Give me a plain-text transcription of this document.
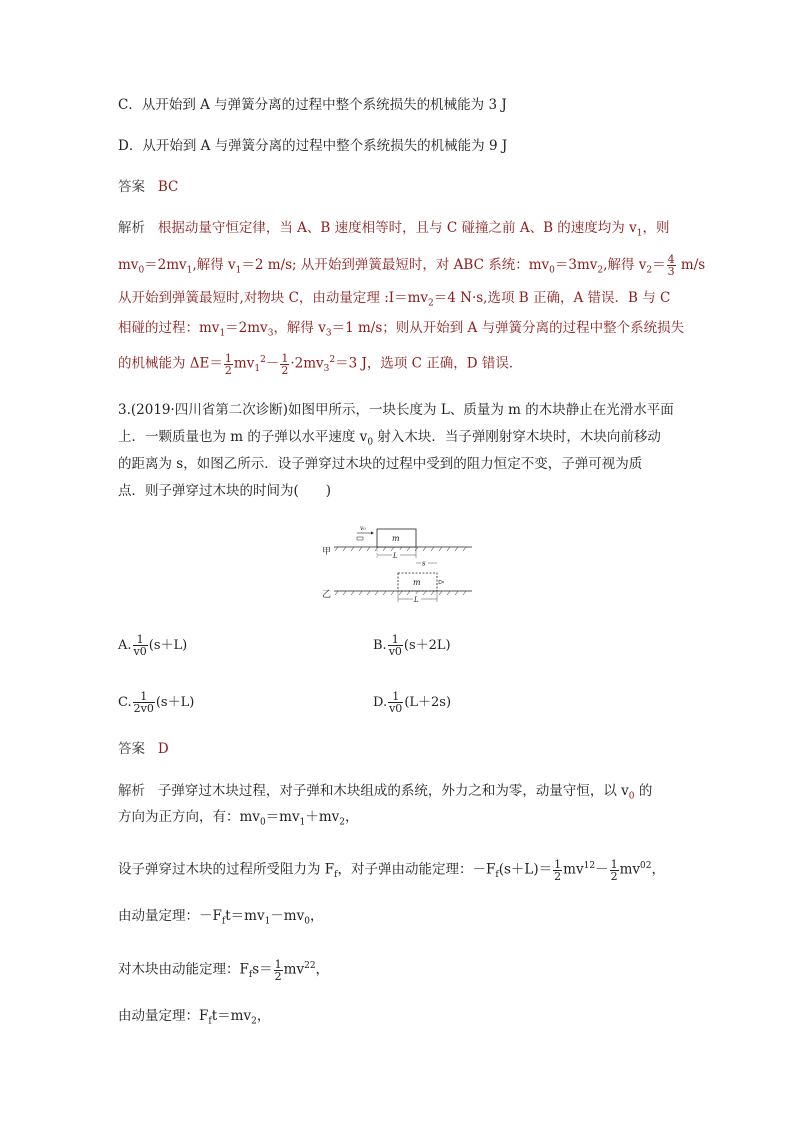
C．从开始到 A 与弹簧分离的过程中整个系统损失的机械能为 3 J
D．从开始到 A 与弹簧分离的过程中整个系统损失的机械能为 9 J
答案 BC
解析 根据动量守恒定律，当 A、B 速度相等时，且与 C 碰撞之前 A、B 的速度均为 $v_1$，则
$mv_0=2mv_1$,解得 $v_1=2$ m/s; 从开始到弹簧最短时，对 ABC 系统：$mv_0=3mv_2$,解得 $v_2= \frac{4}{3} m/s$
从开始到弹簧最短时,对物块 C，由动量定理 $:I=mv_2=4$ N·s,选项 B 正确，A 错误．B 与 C
相碰的过程：$mv_1=2mv_3$，解得 $v_3=1$ m/s；则从开始到 A 与弹簧分离的过程中整个系统损失
的机械能为 $\Delta E= \frac{1}{2} mv_1^2- \frac{1}{2} \cdot 2mv_3^2=3$ J，选项 C 正确，D 错误．
3.(2019·四川省第二次诊断)如图甲所示，一块长度为 L、质量为 m 的木块静止在光滑水平面
上．一颗质量也为 m 的子弹以水平速度 $v_0$ 射入木块．当子弹刚射穿木块时，木块向前移动
的距离为 s，如图乙所示．设子弹穿过木块的过程中受到的阻力恒定不变，子弹可视为质
点．则子弹穿过木块的时间为(　　)
甲
m
v₀
L
s
乙
m
L
A. $\frac{1}{v0} (s+L)$	B. $\frac{1}{v0} (s+2L)$
C. $\frac{1}{2v0} (s+L)$	D. $\frac{1}{v0} (L+2s)$
答案 D
解析 子弹穿过木块过程，对子弹和木块组成的系统，外力之和为零，动量守恒，以 $v_0$ 的
方向为正方向，有：$mv_0=mv_1+mv_2$，
设子弹穿过木块的过程所受阻力为 $F_f$，对子弹由动能定理：$-F_f(s+L)= \frac{1}{2} mv^{12}- \frac{1}{2} mv^{02}$，
由动量定理：$-F_ft=mv_1-mv_0$，
对木块由动能定理：$F_fs= \frac{1}{2} mv^{22}$，
由动量定理：$F_ft=mv_2$，
